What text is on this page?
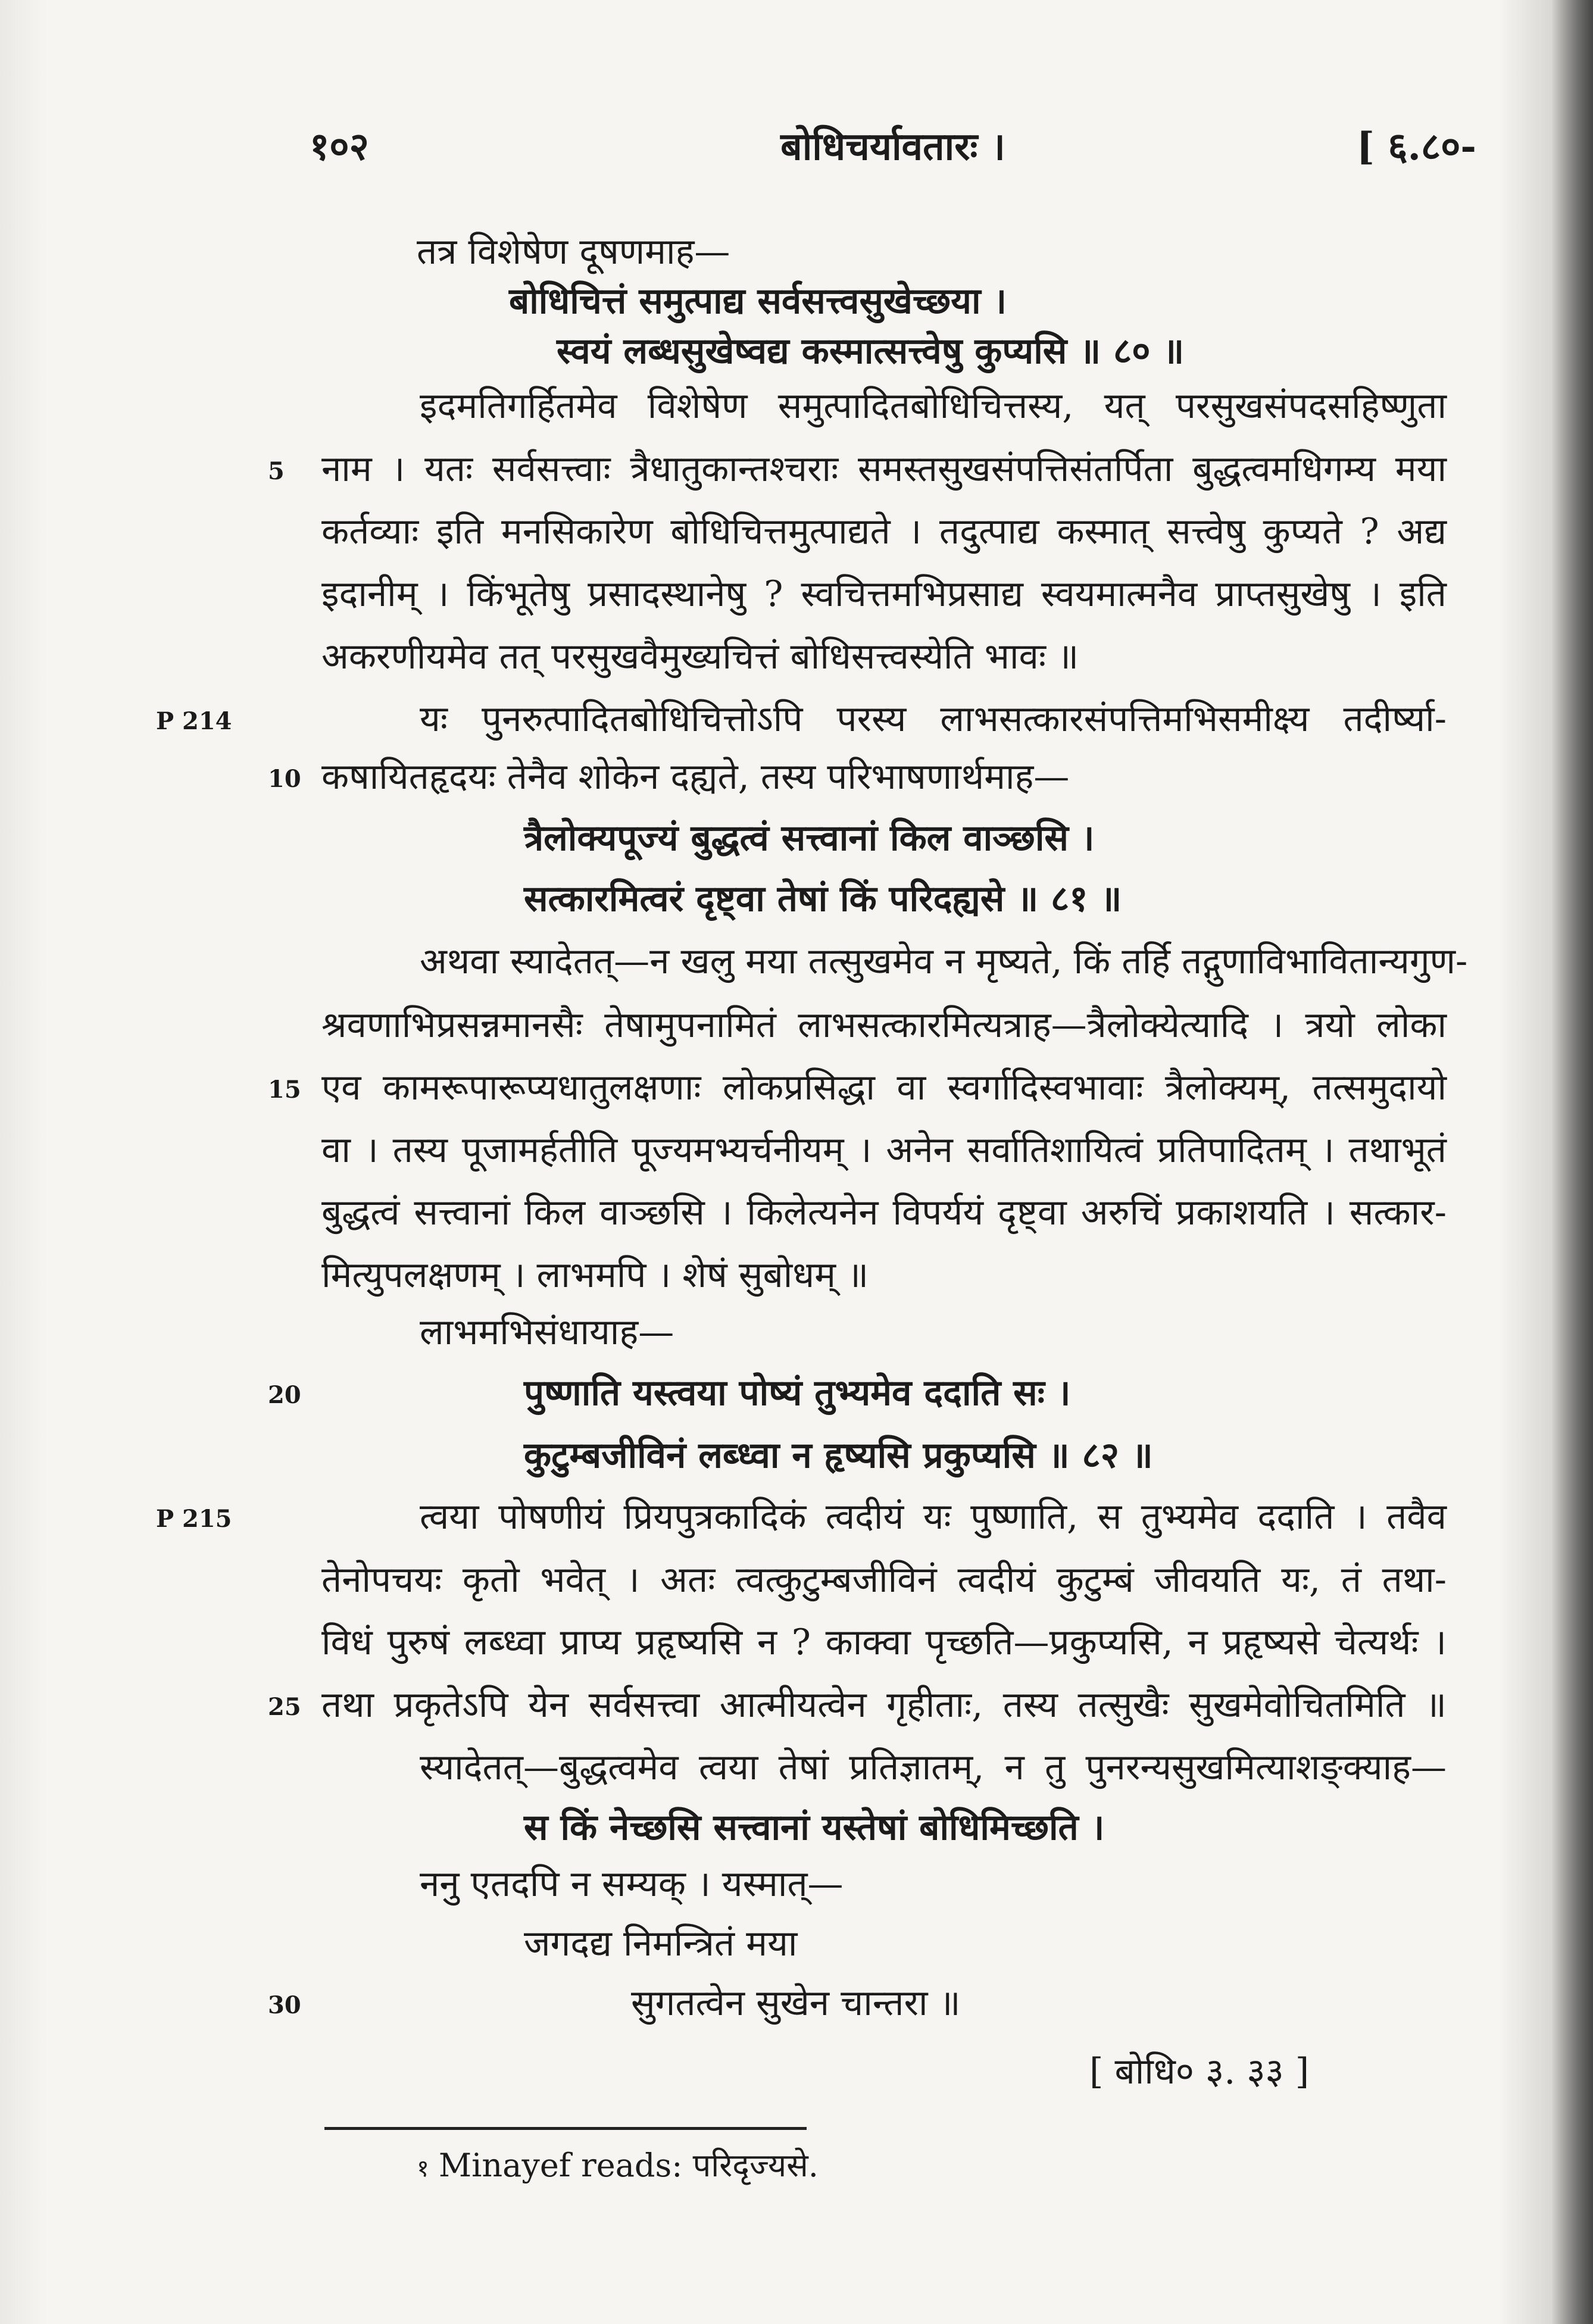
१०२	बोधिचर्यावतारः ।	[ ६.८०-
तत्र विशेषेण दूषणमाह—
बोधिचित्तं समुत्पाद्य सर्वसत्त्वसुखेच्छया ।
स्वयं लब्धसुखेष्वद्य कस्मात्सत्त्वेषु कुप्यसि ॥ ८० ॥
इदमतिगर्हितमेव विशेषेण समुत्पादितबोधिचित्तस्य, यत् परसुखसंपदसहिष्णुता
नाम । यतः सर्वसत्त्वाः त्रैधातुकान्तश्चराः समस्तसुखसंपत्तिसंतर्पिता बुद्धत्वमधिगम्य मया
कर्तव्याः इति मनसिकारेण बोधिचित्तमुत्पाद्यते । तदुत्पाद्य कस्मात् सत्त्वेषु कुप्यते ? अद्य
इदानीम् । किंभूतेषु प्रसादस्थानेषु ? स्वचित्तमभिप्रसाद्य स्वयमात्मनैव प्राप्तसुखेषु । इति
अकरणीयमेव तत् परसुखवैमुख्यचित्तं बोधिसत्त्वस्येति भावः ॥
यः पुनरुत्पादितबोधिचित्तोऽपि परस्य लाभसत्कारसंपत्तिमभिसमीक्ष्य तदीर्ष्या-
कषायितहृदयः तेनैव शोकेन दह्यते, तस्य परिभाषणार्थमाह—
त्रैलोक्यपूज्यं बुद्धत्वं सत्त्वानां किल वाञ्छसि ।
सत्कारमित्वरं दृष्ट्वा तेषां किं परिदह्यसे ॥ ८१ ॥
अथवा स्यादेतत्—न खलु मया तत्सुखमेव न मृष्यते, किं तर्हि तद्गुणाविभावितान्यगुण-
श्रवणाभिप्रसन्नमानसैः तेषामुपनामितं लाभसत्कारमित्यत्राह—त्रैलोक्येत्यादि । त्रयो लोका
एव कामरूपारूप्यधातुलक्षणाः लोकप्रसिद्धा वा स्वर्गादिस्वभावाः त्रैलोक्यम्, तत्समुदायो
वा । तस्य पूजामर्हतीति पूज्यमभ्यर्चनीयम् । अनेन सर्वातिशायित्वं प्रतिपादितम् । तथाभूतं
बुद्धत्वं सत्त्वानां किल वाञ्छसि । किलेत्यनेन विपर्ययं दृष्ट्वा अरुचिं प्रकाशयति । सत्कार-
मित्युपलक्षणम् । लाभमपि । शेषं सुबोधम् ॥
लाभमभिसंधायाह—
पुष्णाति यस्त्वया पोष्यं तुभ्यमेव ददाति सः ।
कुटुम्बजीविनं लब्ध्वा न हृष्यसि प्रकुप्यसि ॥ ८२ ॥
त्वया पोषणीयं प्रियपुत्रकादिकं त्वदीयं यः पुष्णाति, स तुभ्यमेव ददाति । तवैव
तेनोपचयः कृतो भवेत् । अतः त्वत्कुटुम्बजीविनं त्वदीयं कुटुम्बं जीवयति यः, तं तथा-
विधं पुरुषं लब्ध्वा प्राप्य प्रहृष्यसि न ? काक्वा पृच्छति—प्रकुप्यसि, न प्रहृष्यसे चेत्यर्थः ।
तथा प्रकृतेऽपि येन सर्वसत्त्वा आत्मीयत्वेन गृहीताः, तस्य तत्सुखैः सुखमेवोचितमिति ॥
स्यादेतत्—बुद्धत्वमेव त्वया तेषां प्रतिज्ञातम्, न तु पुनरन्यसुखमित्याशङ्क्याह—
स किं नेच्छसि सत्त्वानां यस्तेषां बोधिमिच्छति ।
ननु एतदपि न सम्यक् । यस्मात्—
जगदद्य निमन्त्रितं मया
सुगतत्वेन सुखेन चान्तरा ॥
[ बोधि० ३. ३३ ]
5
10
15
20
25
30
P 214
P 215
१ Minayef reads: परिदृज्यसे.
